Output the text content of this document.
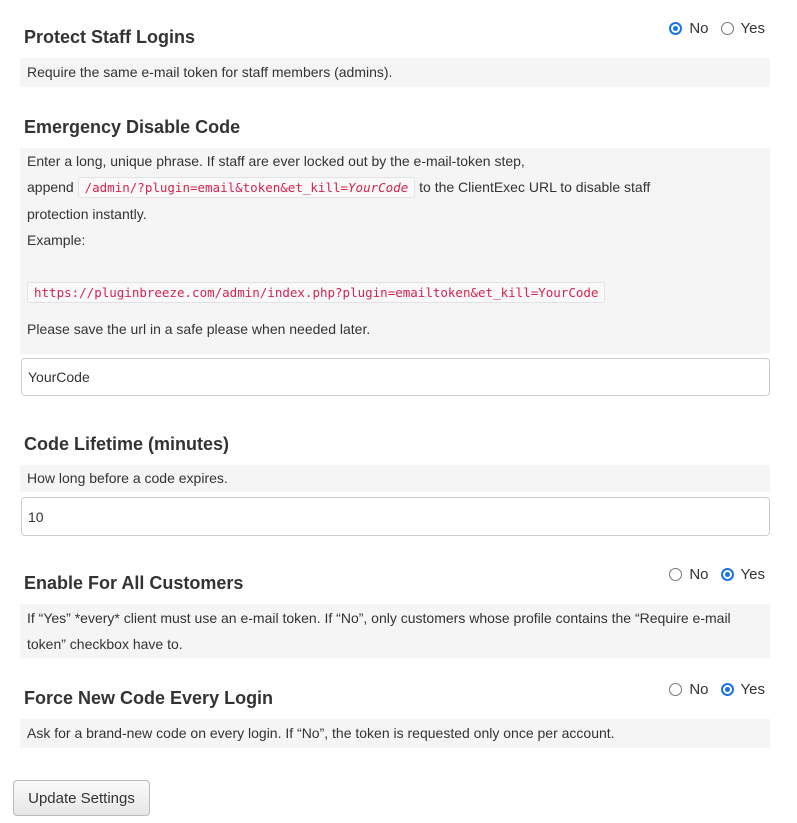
Protect Staff Logins	No Yes
Require the same e-mail token for staff members (admins).
Emergency Disable Code
Enter a long, unique phrase. If staff are ever locked out by the e-mail-token step,
append /admin/?plugin=email&token&et_kill=YourCode to the ClientExec URL to disable staff
protection instantly.
Example:
https://pluginbreeze.com/admin/index.php?plugin=emailtoken&et_kill=YourCode
Please save the url in a safe please when needed later.
YourCode
Code Lifetime (minutes)
How long before a code expires.
10
Enable For All Customers	No Yes
If “Yes” *every* client must use an e-mail token. If “No”, only customers whose profile contains the “Require e-mail token” checkbox have to.
Force New Code Every Login	No Yes
Ask for a brand-new code on every login. If “No”, the token is requested only once per account.
Update Settings
